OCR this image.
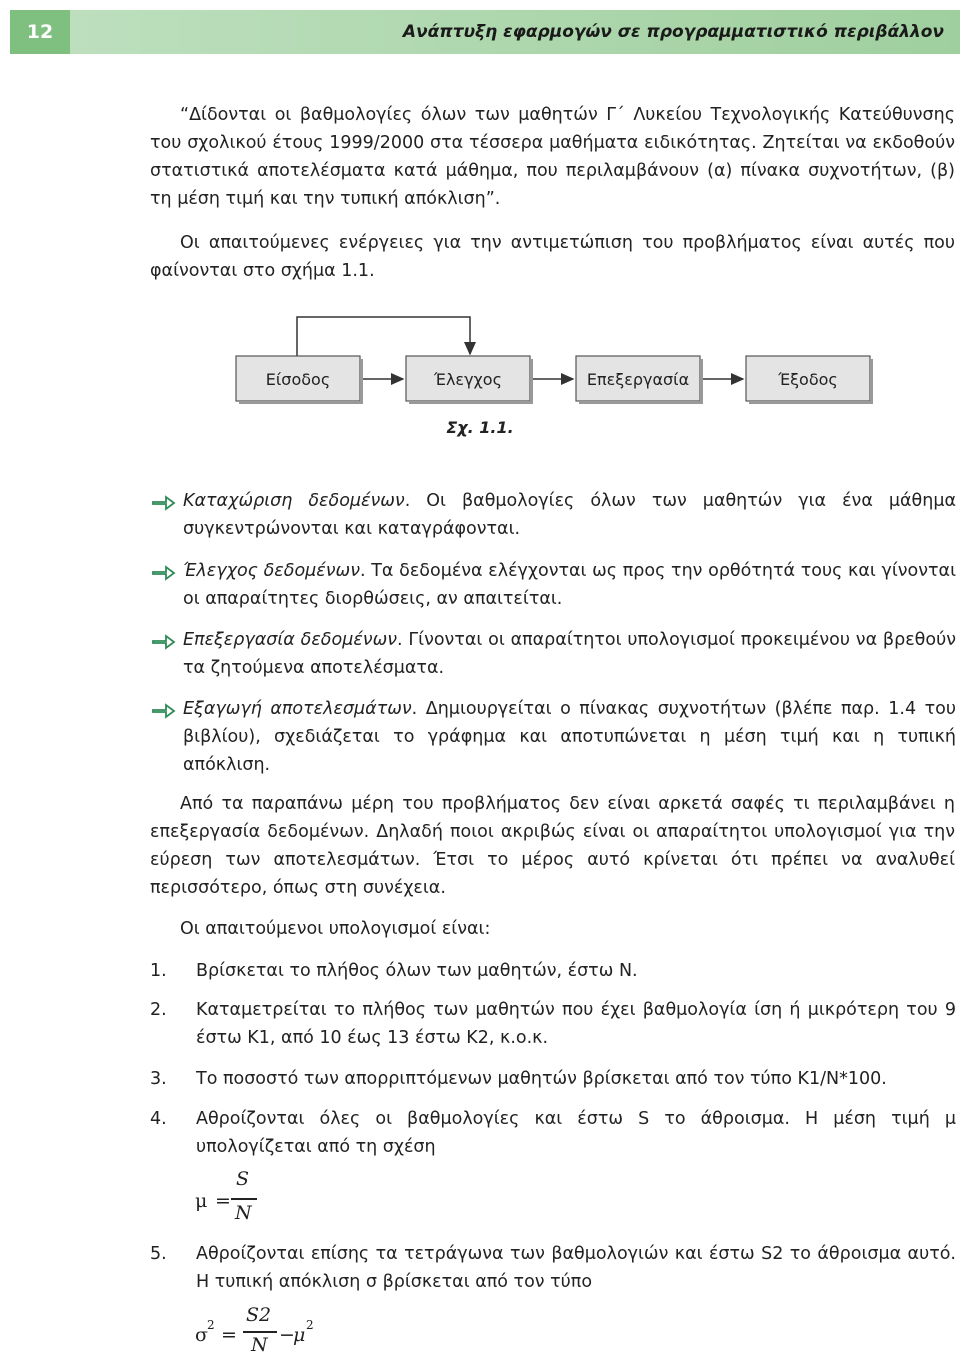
12	Ανάπτυξη εφαρμογών σε προγραμματιστικό περιβάλλον

“Δίδονται οι βαθμολογίες όλων των μαθητών Γ΄ Λυκείου Τεχνολογικής Κατεύθυνσης του σχολικού έτους 1999/2000 στα τέσσερα μαθήματα ειδικότητας. Ζητείται να εκδοθούν στατιστικά αποτελέσματα κατά μάθημα, που περιλαμβάνουν (α) πίνακα συχνοτήτων, (β) τη μέση τιμή και την τυπική απόκλιση”.

Οι απαιτούμενες ενέργειες για την αντιμετώπιση του προβλήματος είναι αυτές που φαίνονται στο σχήμα 1.1.

Είσοδος	Έλεγχος	Επεξεργασία	Έξοδος
Σχ. 1.1.
Καταχώριση δεδομένων. Οι βαθμολογίες όλων των μαθητών για ένα μάθημα συγκεντρώνονται και καταγράφονται.
Έλεγχος δεδομένων. Τα δεδομένα ελέγχονται ως προς την ορθότητά τους και γίνονται οι απαραίτητες διορθώσεις, αν απαιτείται.
Επεξεργασία δεδομένων. Γίνονται οι απαραίτητοι υπολογισμοί προκειμένου να βρεθούν τα ζητούμενα αποτελέσματα.
Εξαγωγή αποτελεσμάτων. Δημιουργείται ο πίνακας συχνοτήτων (βλέπε παρ. 1.4 του βιβλίου), σχεδιάζεται το γράφημα και αποτυπώνεται η μέση τιμή και η τυπική απόκλιση.

Από τα παραπάνω μέρη του προβλήματος δεν είναι αρκετά σαφές τι περιλαμβάνει η επεξεργασία δεδομένων. Δηλαδή ποιοι ακριβώς είναι οι απαραίτητοι υπολογισμοί για την εύρεση των αποτελεσμάτων. Έτσι το μέρος αυτό κρίνεται ότι πρέπει να αναλυθεί περισσότερο, όπως στη συνέχεια.

Οι απαιτούμενοι υπολογισμοί είναι:

1. Βρίσκεται το πλήθος όλων των μαθητών, έστω Ν.
2. Καταμετρείται το πλήθος των μαθητών που έχει βαθμολογία ίση ή μικρότερη του 9 έστω Κ1, από 10 έως 13 έστω Κ2, κ.ο.κ.
3. Το ποσοστό των απορριπτόμενων μαθητών βρίσκεται από τον τύπο Κ1/Ν*100.
4. Αθροίζονται όλες οι βαθμολογίες και έστω S το άθροισμα. Η μέση τιμή μ υπολογίζεται από τη σχέση
μ =
S
N
5. Αθροίζονται επίσης τα τετράγωνα των βαθμολογιών και έστω S2 το άθροισμα αυτό. Η τυπική απόκλιση σ βρίσκεται από τον τύπο
σ 2 =
S2
N −
μ 2
